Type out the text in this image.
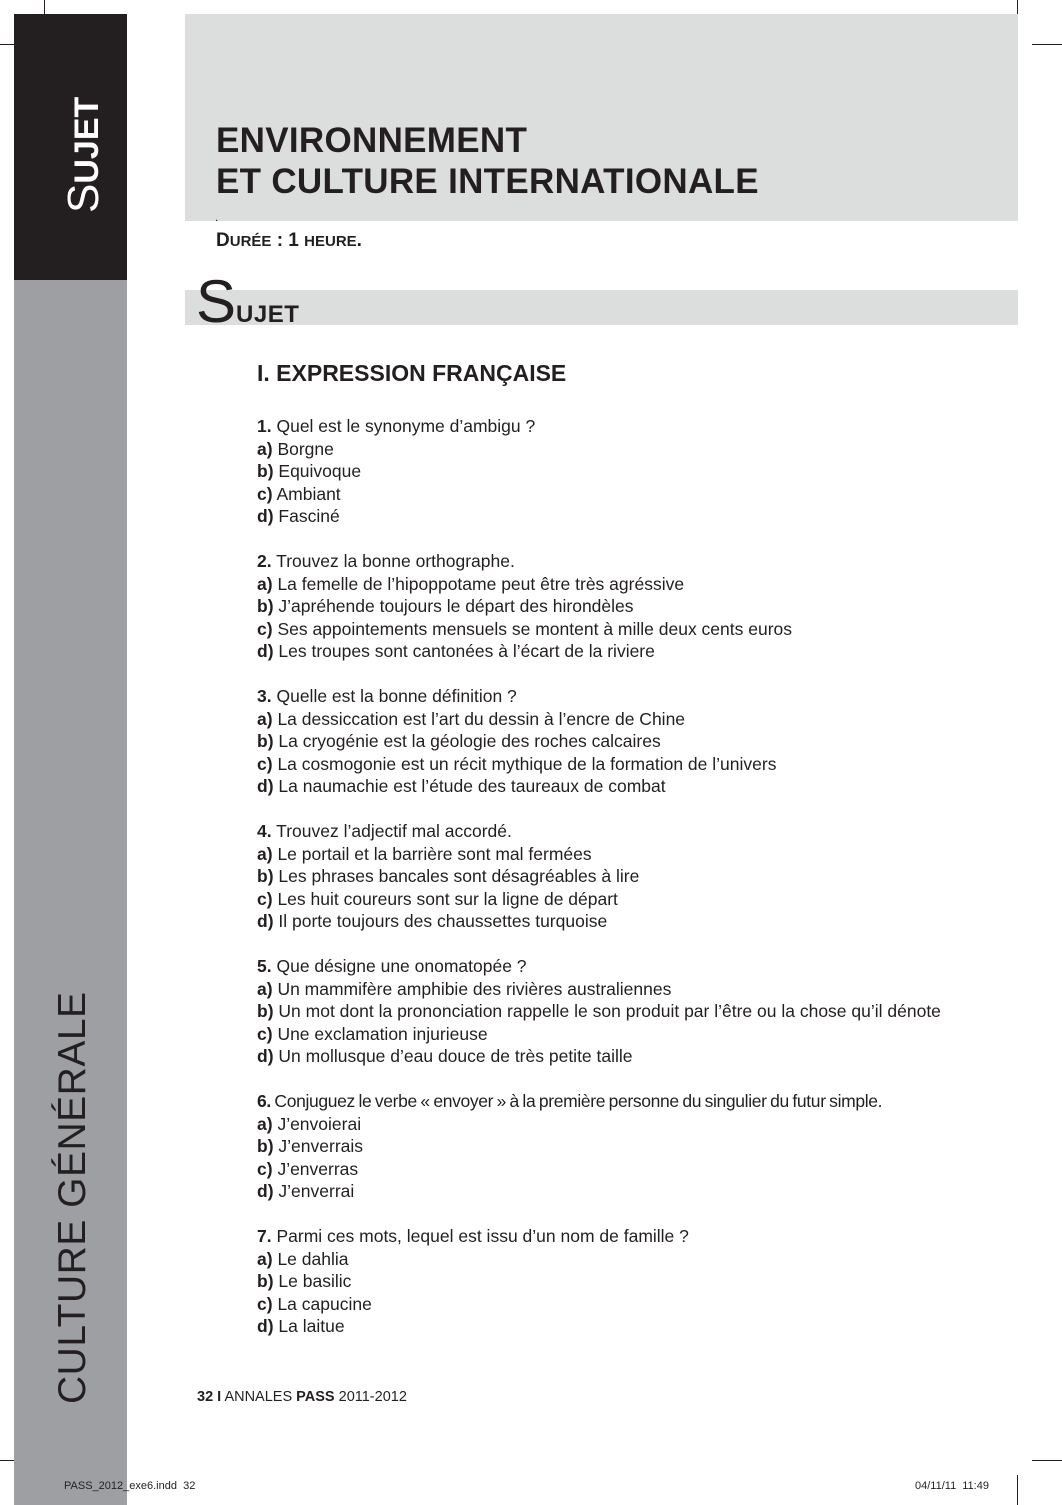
SUJET
CULTURE GÉNÉRALE
ENVIRONNEMENT
ET CULTURE INTERNATIONALE
.
DURÉE : 1 HEURE.
SUJET
I. EXPRESSION FRANÇAISE
1. Quel est le synonyme d’ambigu ?
a) Borgne
b) Equivoque
c) Ambiant
d) Fasciné
2. Trouvez la bonne orthographe.
a) La femelle de l’hipoppotame peut être très agréssive
b) J’apréhende toujours le départ des hirondèles
c) Ses appointements mensuels se montent à mille deux cents euros
d) Les troupes sont cantonées à l’écart de la riviere
3. Quelle est la bonne définition ?
a) La dessiccation est l’art du dessin à l’encre de Chine
b) La cryogénie est la géologie des roches calcaires
c) La cosmogonie est un récit mythique de la formation de l’univers
d) La naumachie est l’étude des taureaux de combat
4. Trouvez l’adjectif mal accordé.
a) Le portail et la barrière sont mal fermées
b) Les phrases bancales sont désagréables à lire
c) Les huit coureurs sont sur la ligne de départ
d) Il porte toujours des chaussettes turquoise
5. Que désigne une onomatopée ?
a) Un mammifère amphibie des rivières australiennes
b) Un mot dont la prononciation rappelle le son produit par l’être ou la chose qu’il dénote
c) Une exclamation injurieuse
d) Un mollusque d’eau douce de très petite taille
6. Conjuguez le verbe « envoyer » à la première personne du singulier du futur simple.
a) J’envoierai
b) J’enverrais
c) J’enverras
d) J’enverrai
7. Parmi ces mots, lequel est issu d’un nom de famille ?
a) Le dahlia
b) Le basilic
c) La capucine
d) La laitue
32 I ANNALES PASS 2011-2012
PASS_2012_exe6.indd 32	04/11/11 11:49
